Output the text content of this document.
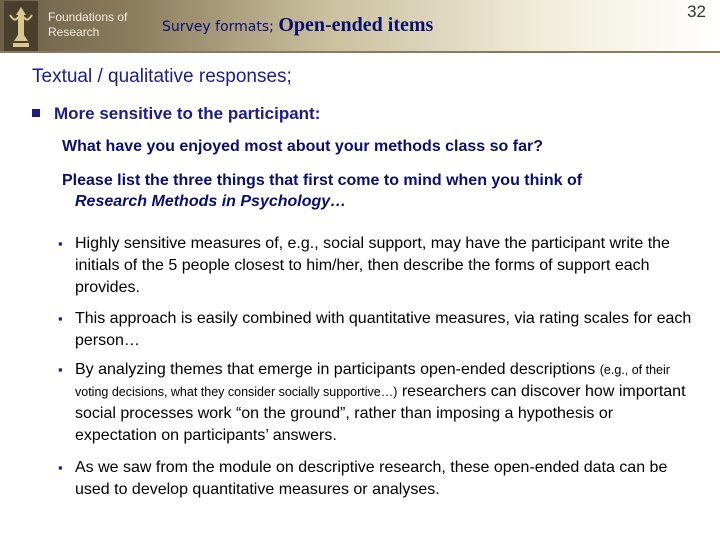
Foundations of
Research	Survey formats; Open-ended items
32
Textual / qualitative responses;
More sensitive to the participant:
What have you enjoyed most about your methods class so far?
Please list the three things that first come to mind when you think of
Research Methods in Psychology…
▪ Highly sensitive measures of, e.g., social support, may have the participant write the initials of the 5 people closest to him/her, then describe the forms of support each provides.
▪ This approach is easily combined with quantitative measures, via rating scales for each person…
▪ By analyzing themes that emerge in participants open-ended descriptions (e.g., of their voting decisions, what they consider socially supportive…) researchers can discover how important social processes work “on the ground”, rather than imposing a hypothesis or expectation on participants’ answers.
▪ As we saw from the module on descriptive research, these open-ended data can be used to develop quantitative measures or analyses.
